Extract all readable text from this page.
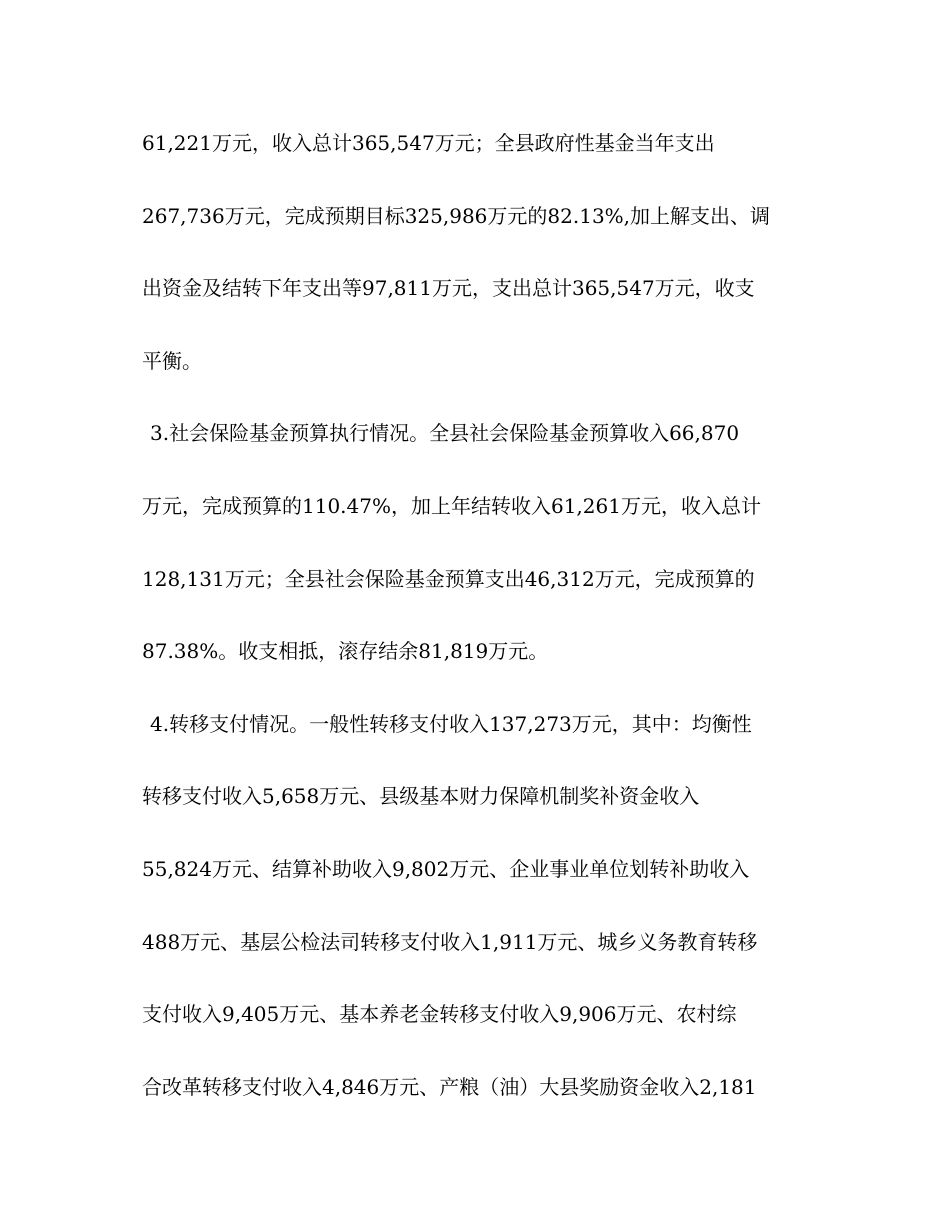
61,221万元，收入总计365,547万元；全县政府性基金当年支出
267,736万元，完成预期目标325,986万元的82.13%,加上解支出、调
出资金及结转下年支出等97,811万元，支出总计365,547万元，收支
平衡。
3.社会保险基金预算执行情况。全县社会保险基金预算收入66,870
万元，完成预算的110.47%，加上年结转收入61,261万元，收入总计
128,131万元；全县社会保险基金预算支出46,312万元，完成预算的
87.38%。收支相抵，滚存结余81,819万元。
4.转移支付情况。一般性转移支付收入137,273万元，其中：均衡性
转移支付收入5,658万元、县级基本财力保障机制奖补资金收入
55,824万元、结算补助收入9,802万元、企业事业单位划转补助收入
488万元、基层公检法司转移支付收入1,911万元、城乡义务教育转移
支付收入9,405万元、基本养老金转移支付收入9,906万元、农村综
合改革转移支付收入4,846万元、产粮（油）大县奖励资金收入2,181
